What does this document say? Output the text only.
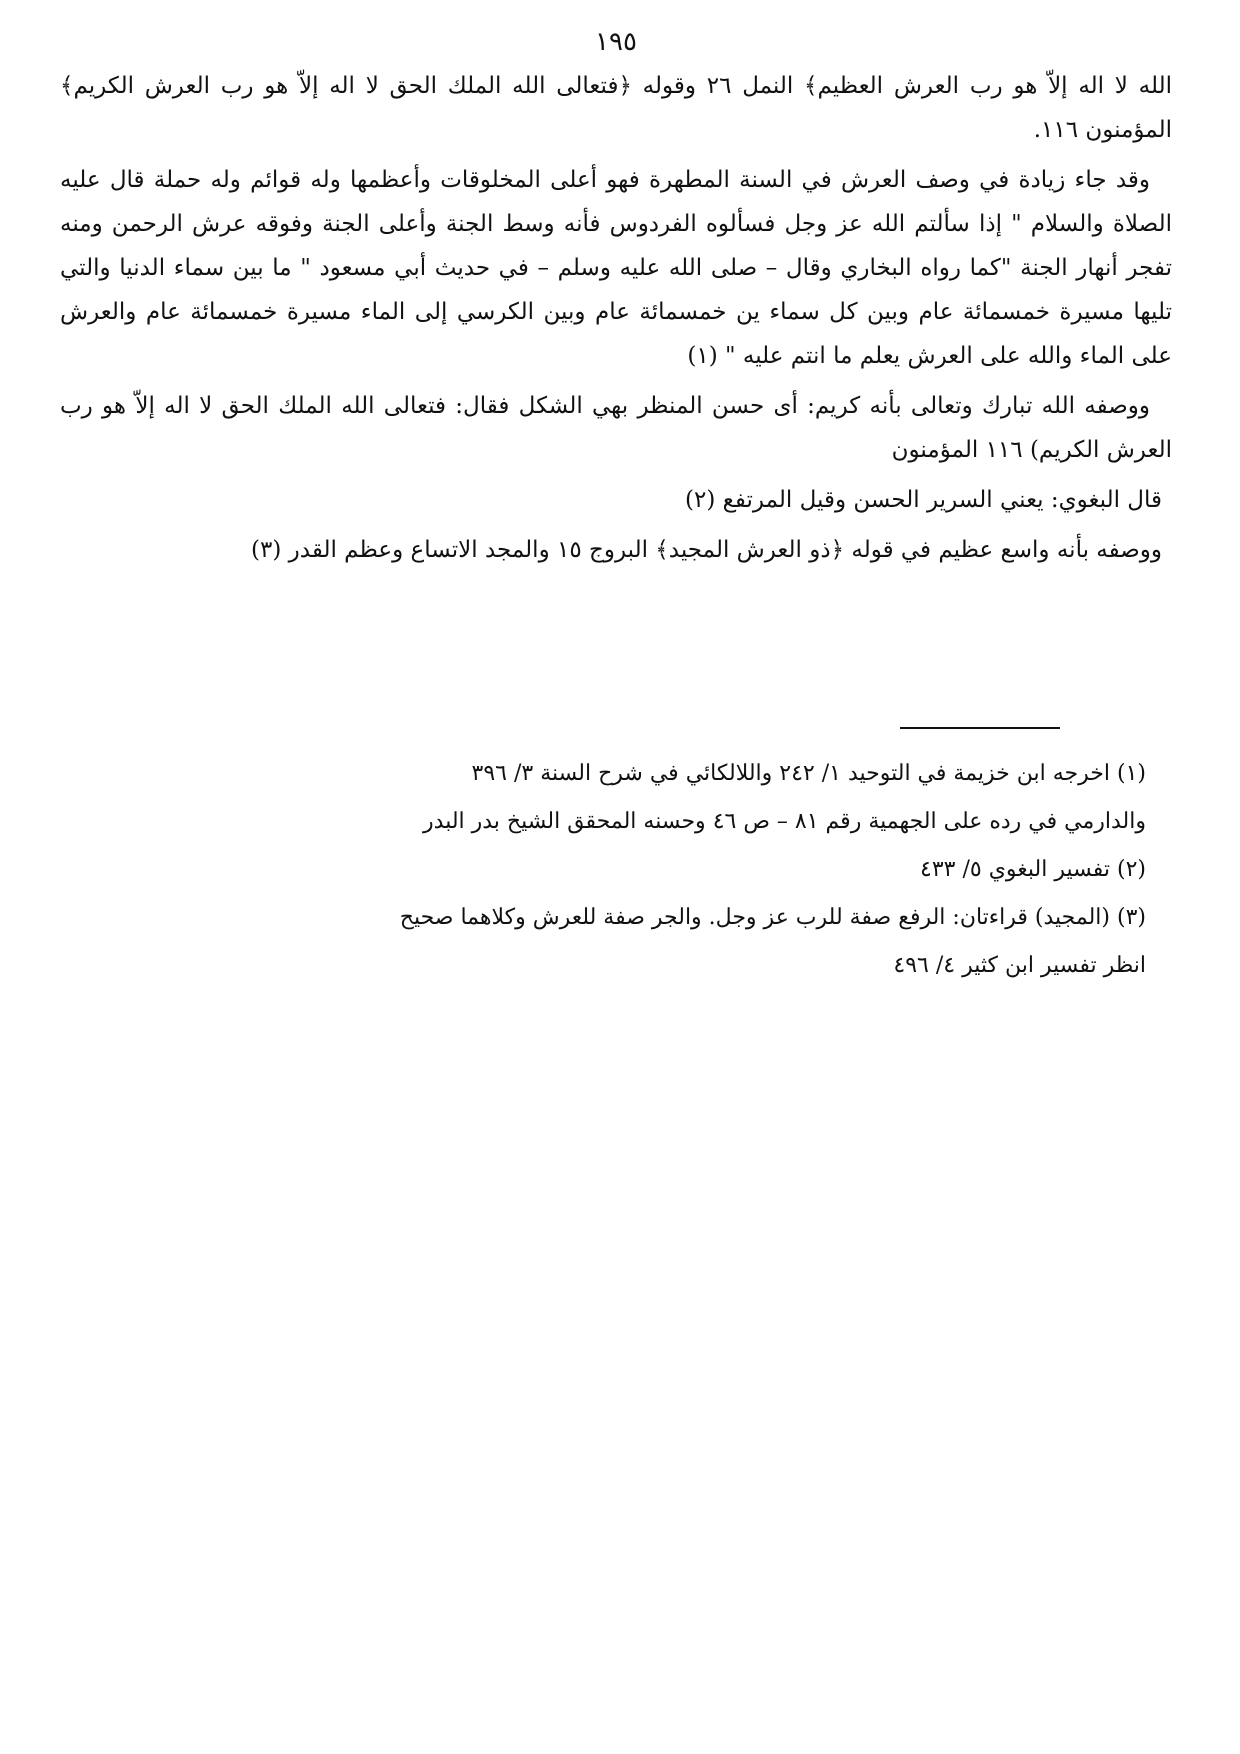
١٩٥

الله لا اله إلاّ هو رب العرش العظيم﴾ النمل ٢٦ وقوله ﴿فتعالى الله الملك الحق لا اله إلاّ هو رب العرش الكريم﴾ المؤمنون ١١٦.

وقد جاء زيادة في وصف العرش في السنة المطهرة فهو أعلى المخلوقات وأعظمها وله قوائم وله حملة قال عليه الصلاة والسلام " إذا سألتم الله عز وجل فسألوه الفردوس فأنه وسط الجنة وأعلى الجنة وفوقه عرش الرحمن ومنه تفجر أنهار الجنة "كما رواه البخاري وقال – صلى الله عليه وسلم – في حديث أبي مسعود " ما بين سماء الدنيا والتي تليها مسيرة خمسمائة عام وبين كل سماء ين خمسمائة عام وبين الكرسي إلى الماء مسيرة خمسمائة عام والعرش على الماء والله على العرش يعلم ما انتم عليه " (١)

ووصفه الله تبارك وتعالى بأنه كريم: أى حسن المنظر بهي الشكل فقال: فتعالى الله الملك الحق لا اله إلاّ هو رب العرش الكريم) ١١٦ المؤمنون

قال البغوي: يعني السرير الحسن وقيل المرتفع (٢)

ووصفه بأنه واسع عظيم في قوله ﴿ذو العرش المجيد﴾ البروج ١٥ والمجد الاتساع وعظم القدر (٣)

(١) اخرجه ابن خزيمة في التوحيد ١/ ٢٤٢ واللالكائي في شرح السنة ٣/ ٣٩٦
والدارمي في رده على الجهمية رقم ٨١ – ص ٤٦ وحسنه المحقق الشيخ بدر البدر
(٢) تفسير البغوي ٥/ ٤٣٣
(٣) (المجيد) قراءتان: الرفع صفة للرب عز وجل. والجر صفة للعرش وكلاهما صحيح
انظر تفسير ابن كثير ٤/ ٤٩٦
